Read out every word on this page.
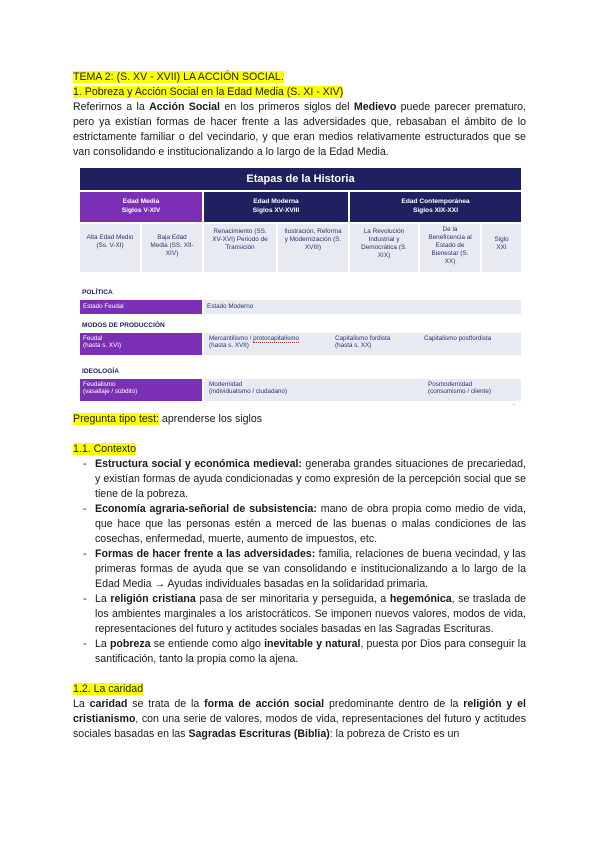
TEMA 2: (S. XV - XVII) LA ACCIÓN SOCIAL.

1. Pobreza y Acción Social en la Edad Media (S. XI - XIV)

Referirnos a la Acción Social en los primeros siglos del Medievo puede parecer prematuro, pero ya existían formas de hacer frente a las adversidades que, rebasaban el ámbito de lo estrictamente familiar o del vecindario, y que eran medios relativamente estructurados que se van consolidando e institucionalizando a lo largo de la Edad Media.

Etapas de la Historia
Edad Media
Siglos V-XIV
Edad Moderna
Siglos XV-XVIII
Edad Contemporánea
Siglos XIX-XXI
Alta Edad Medio (Ss. V-XI)
Baja Edad Media (SS. XII-XIV)
Renacimiento (SS. XV-XVI) Periodo de Transición
Ilustración, Reforma y Modernización (S. XVIII)
La Revolución Industrial y Democrática (S. XIX)
De la Beneficencia al Estado de Bienestar (S. XX)
Siglo XXI
POLÍTICA
Estado Feudal	Estado Moderno
MODOS DE PRODUCCIÓN
Feudal
(hasta s. XVI)
Mercantilismo / protocapitalismo
(hasta s. XVII)
Capitalismo fordista
(hasta s. XX)
Capitalismo postfordista
IDEOLOGÍA
Feudalismo
(vasallaje / súbdito)
Modernidad
(individualismo / ciudadano)
Posmodernidad
(consumismo / cliente)
.

Pregunta tipo test: aprenderse los siglos

1.1. Contexto

- Estructura social y económica medieval: generaba grandes situaciones de precariedad, y existían formas de ayuda condicionadas y como expresión de la percepción social que se tiene de la pobreza.
- Economía agraria-señorial de subsistencia: mano de obra propia como medio de vida, que hace que las personas estén a merced de las buenas o malas condiciones de las cosechas, enfermedad, muerte, aumento de impuestos, etc.
- Formas de hacer frente a las adversidades: familia, relaciones de buena vecindad, y las primeras formas de ayuda que se van consolidando e institucionalizando a lo largo de la Edad Media → Ayudas individuales basadas en la solidaridad primaria.
- La religión cristiana pasa de ser minoritaria y perseguida, a hegemónica, se traslada de los ambientes marginales a los aristocráticos. Se imponen nuevos valores, modos de vida, representaciones del futuro y actitudes sociales basadas en las Sagradas Escrituras.
- La pobreza se entiende como algo inevitable y natural, puesta por Dios para conseguir la santificación, tanto la propia como la ajena.

1.2. La caridad

La caridad se trata de la forma de acción social predominante dentro de la religión y el cristianismo, con una serie de valores, modos de vida, representaciones del futuro y actitudes sociales basadas en las Sagradas Escrituras (Biblia): la pobreza de Cristo es un
